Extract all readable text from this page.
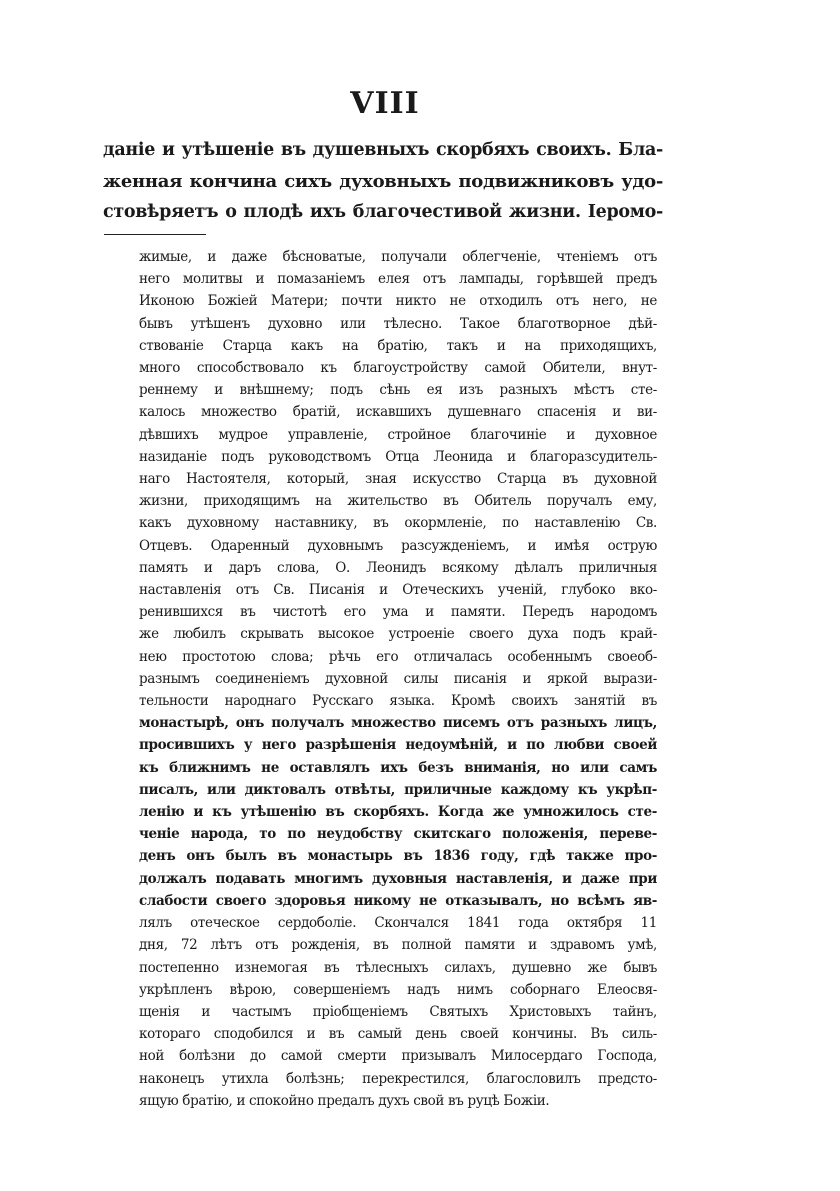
VIII
даніе и утѣшеніе въ душевныхъ скорбяхъ своихъ. Бла-
женная кончина сихъ духовныхъ подвижниковъ удо-
стовѣряетъ о плодѣ ихъ благочестивой жизни. Іеромо-
жимые, и даже бѣсноватые, получали облегченіе, чтеніемъ отъ
него молитвы и помазаніемъ елея отъ лампады, горѣвшей предъ
Иконою Божіей Матери; почти никто не отходилъ отъ него, не
бывъ утѣшенъ духовно или тѣлесно. Такое благотворное дѣй-
ствованіе Старца какъ на братію, такъ и на приходящихъ,
много способствовало къ благоустройству самой Обители, внут-
реннему и внѣшнему; подъ сѣнь ея изъ разныхъ мѣстъ сте-
калось множество братій, искавшихъ душевнаго спасенія и ви-
дѣвшихъ мудрое управленіе, стройное благочиніе и духовное
назиданіе подъ руководствомъ Отца Леонида и благоразсудитель-
наго Настоятеля, который, зная искусство Старца въ духовной
жизни, приходящимъ на жительство въ Обитель поручалъ ему,
какъ духовному наставнику, въ окормленіе, по наставленію Св.
Отцевъ. Одаренный духовнымъ разсужденіемъ, и имѣя острую
память и даръ слова, О. Леонидъ всякому дѣлалъ приличныя
наставленія отъ Св. Писанія и Отеческихъ ученій, глубоко вко-
ренившихся въ чистотѣ его ума и памяти. Передъ народомъ
же любилъ скрывать высокое устроеніе своего духа подъ край-
нею простотою слова; рѣчь его отличалась особеннымъ своеоб-
разнымъ соединеніемъ духовной силы писанія и яркой вырази-
тельности народнаго Русскаго языка. Кромѣ своихъ занятій въ
монастырѣ, онъ получалъ множество писемъ отъ разныхъ лицъ,
просившихъ у него разрѣшенія недоумѣній, и по любви своей
къ ближнимъ не оставлялъ ихъ безъ вниманія, но или самъ
писалъ, или диктовалъ отвѣты, приличные каждому къ укрѣп-
ленію и къ утѣшенію въ скорбяхъ. Когда же умножилось сте-
ченіе народа, то по неудобству скитскаго положенія, переве-
денъ онъ былъ въ монастырь въ 1836 году, гдѣ также про-
должалъ подавать многимъ духовныя наставленія, и даже при
слабости своего здоровья никому не отказывалъ, но всѣмъ яв-
лялъ отеческое сердоболіе. Скончался 1841 года октября 11
дня, 72 лѣтъ отъ рожденія, въ полной памяти и здравомъ умѣ,
постепенно изнемогая въ тѣлесныхъ силахъ, душевно же бывъ
укрѣпленъ вѣрою, совершеніемъ надъ нимъ соборнаго Елеосвя-
щенія и частымъ пріобщеніемъ Святыхъ Христовыхъ тайнъ,
котораго сподобился и въ самый день своей кончины. Въ силь-
ной болѣзни до самой смерти призывалъ Милосердаго Господа,
наконецъ утихла болѣзнь; перекрестился, благословилъ предсто-
ящую братію, и спокойно предалъ духъ свой въ руцѣ Божіи.
